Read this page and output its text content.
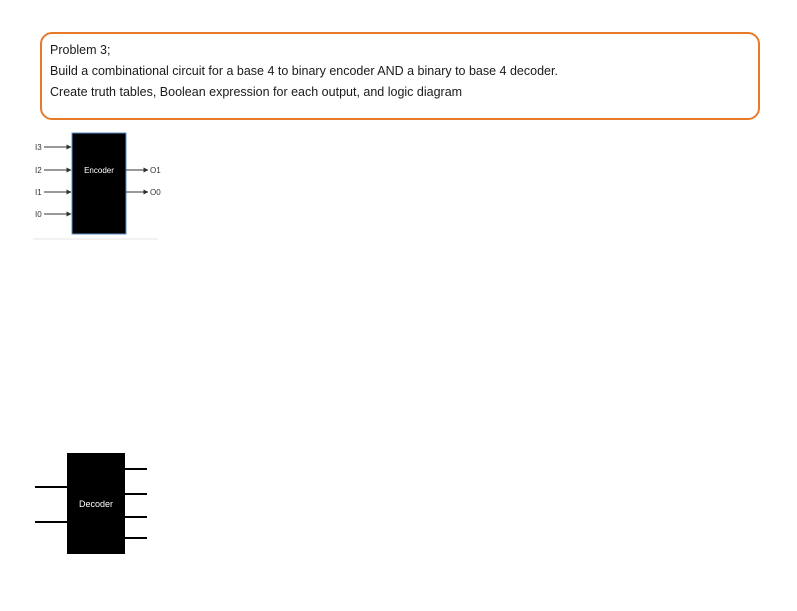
Problem 3;
Build a combinational circuit for a base 4 to binary encoder AND a binary to base 4 decoder.
Create truth tables, Boolean expression for each output, and logic diagram
Encoder
I3
I2
I1
I0
O1
O0
Decoder
